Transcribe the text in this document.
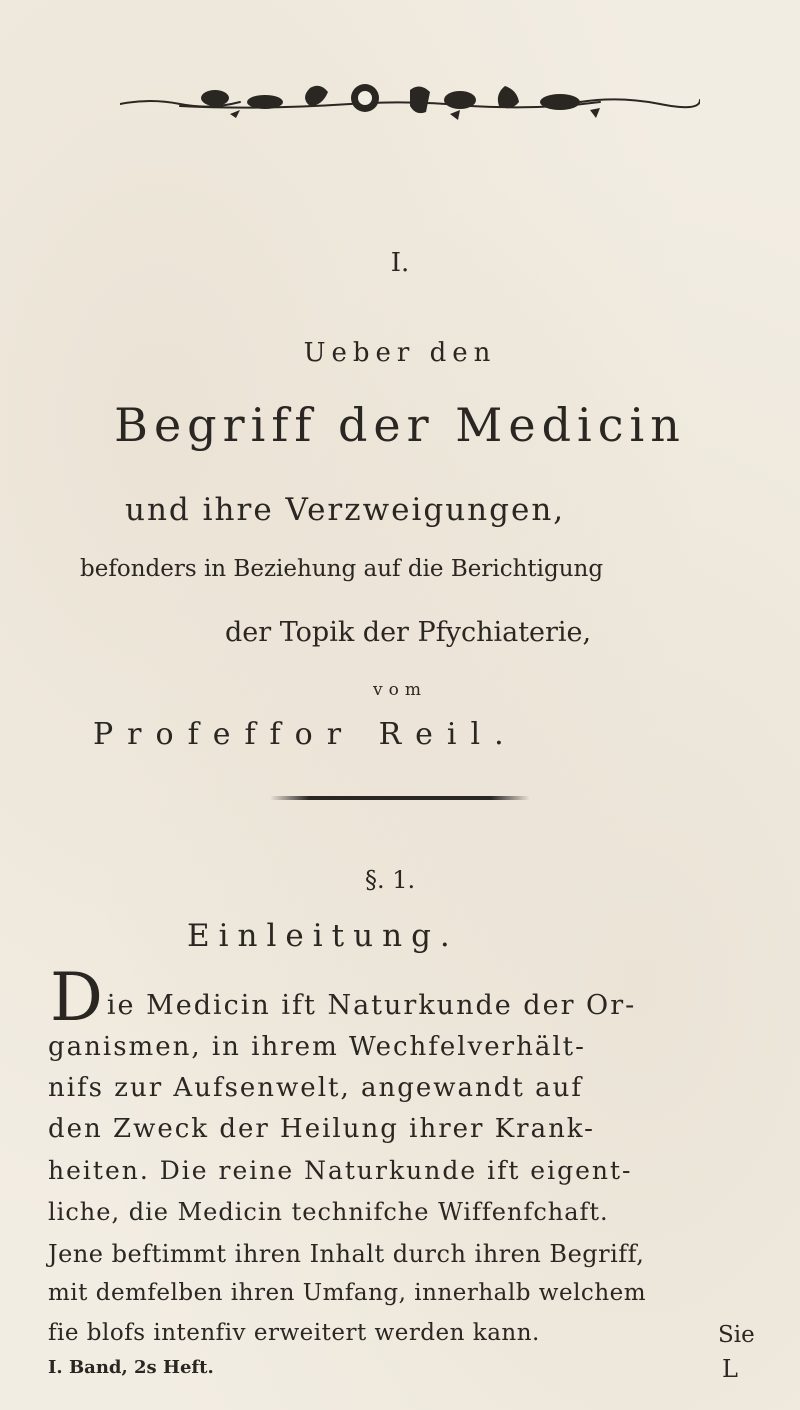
I.
Ueber den
Begriff der Medicin
und ihre Verzweigungen,
befonders in Beziehung auf die Berichtigung
der Topik der Pfychiaterie,
vom
Profeffor Reil.
§. 1.
Einleitung.
Die Medicin ift Naturkunde der Or-
ganismen, in ihrem Wechfelverhält-
nifs zur Aufsenwelt, angewandt auf
den Zweck der Heilung ihrer Krank-
heiten. Die reine Naturkunde ift eigent-
liche, die Medicin technifche Wiffenfchaft.
Jene beftimmt ihren Inhalt durch ihren Begriff,
mit demfelben ihren Umfang, innerhalb welchem
fie blofs intenfiv erweitert werden kann.	Sie
I. Band, 2s Heft.	L
